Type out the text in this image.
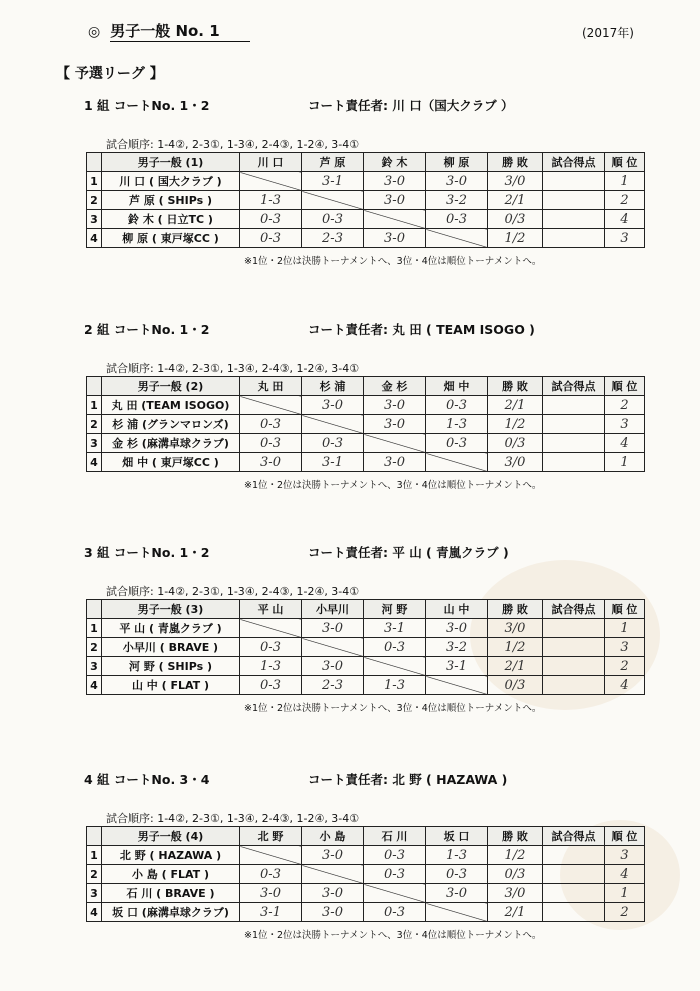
◎ 男子一般 No. 1	(2017年)
【 予選リーグ 】
1 組 コートNo. 1・2	コート責任者: 川 口（国大クラブ ）
試合順序: 1-4②, 2-3①, 1-3④, 2-4③, 1-2④, 3-4①
	男子一般 (1)	川 口	芦 原	鈴 木	柳 原	勝 敗	試合得点	順 位
1	川 口 ( 国大クラブ )		3-1	3-0	3-0	3/0		1
2	芦 原 ( SHIPs )	1-3		3-0	3-2	2/1		2
3	鈴 木 ( 日立TC )	0-3	0-3		0-3	0/3		4
4	柳 原 ( 東戸塚CC )	0-3	2-3	3-0		1/2		3
※1位・2位は決勝トーナメントへ、3位・4位は順位トーナメントへ。
2 組 コートNo. 1・2	コート責任者: 丸 田 ( TEAM ISOGO )
試合順序: 1-4②, 2-3①, 1-3④, 2-4③, 1-2④, 3-4①
	男子一般 (2)	丸 田	杉 浦	金 杉	畑 中	勝 敗	試合得点	順 位
1	丸 田 (TEAM ISOGO)		3-0	3-0	0-3	2/1		2
2	杉 浦 (グランマロンズ)	0-3		3-0	1-3	1/2		3
3	金 杉 (麻溝卓球クラブ)	0-3	0-3		0-3	0/3		4
4	畑 中 ( 東戸塚CC )	3-0	3-1	3-0		3/0		1
※1位・2位は決勝トーナメントへ、3位・4位は順位トーナメントへ。
3 組 コートNo. 1・2	コート責任者: 平 山 ( 青嵐クラブ )
試合順序: 1-4②, 2-3①, 1-3④, 2-4③, 1-2④, 3-4①
	男子一般 (3)	平 山	小早川	河 野	山 中	勝 敗	試合得点	順 位
1	平 山 ( 青嵐クラブ )		3-0	3-1	3-0	3/0		1
2	小早川 ( BRAVE )	0-3		0-3	3-2	1/2		3
3	河 野 ( SHIPs )	1-3	3-0		3-1	2/1		2
4	山 中 ( FLAT )	0-3	2-3	1-3		0/3		4
※1位・2位は決勝トーナメントへ、3位・4位は順位トーナメントへ。
4 組 コートNo. 3・4	コート責任者: 北 野 ( HAZAWA )
試合順序: 1-4②, 2-3①, 1-3④, 2-4③, 1-2④, 3-4①
	男子一般 (4)	北 野	小 島	石 川	坂 口	勝 敗	試合得点	順 位
1	北 野 ( HAZAWA )		3-0	0-3	1-3	1/2		3
2	小 島 ( FLAT )	0-3		0-3	0-3	0/3		4
3	石 川 ( BRAVE )	3-0	3-0		3-0	3/0		1
4	坂 口 (麻溝卓球クラブ)	3-1	3-0	0-3		2/1		2
※1位・2位は決勝トーナメントへ、3位・4位は順位トーナメントへ。
